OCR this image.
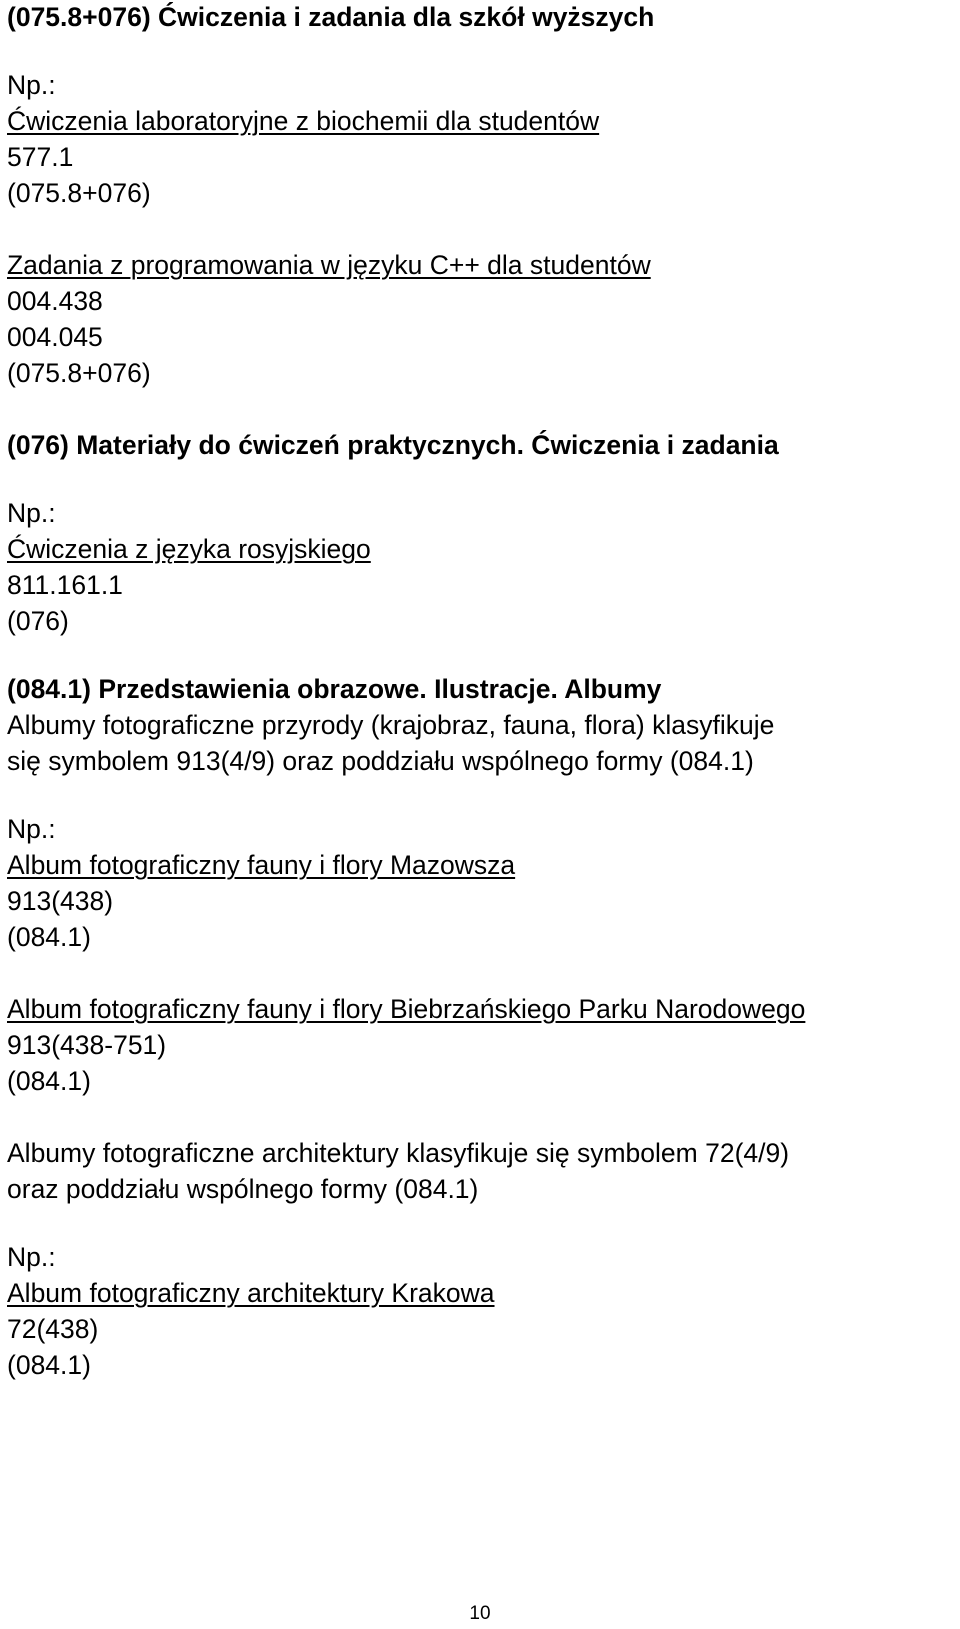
(075.8+076) Ćwiczenia i zadania dla szkół wyższych
Np.:
Ćwiczenia laboratoryjne z biochemii dla studentów
577.1
(075.8+076)
Zadania z programowania w języku C++ dla studentów
004.438
004.045
(075.8+076)
(076) Materiały do ćwiczeń praktycznych. Ćwiczenia i zadania
Np.:
Ćwiczenia z języka rosyjskiego
811.161.1
(076)
(084.1) Przedstawienia obrazowe. Ilustracje. Albumy
Albumy fotograficzne przyrody (krajobraz, fauna, flora) klasyfikuje
się symbolem 913(4/9) oraz poddziału wspólnego formy (084.1)
Np.:
Album fotograficzny fauny i flory Mazowsza
913(438)
(084.1)
Album fotograficzny fauny i flory Biebrzańskiego Parku Narodowego
913(438-751)
(084.1)
Albumy fotograficzne architektury klasyfikuje się symbolem 72(4/9)
oraz poddziału wspólnego formy (084.1)
Np.:
Album fotograficzny architektury Krakowa
72(438)
(084.1)
10
